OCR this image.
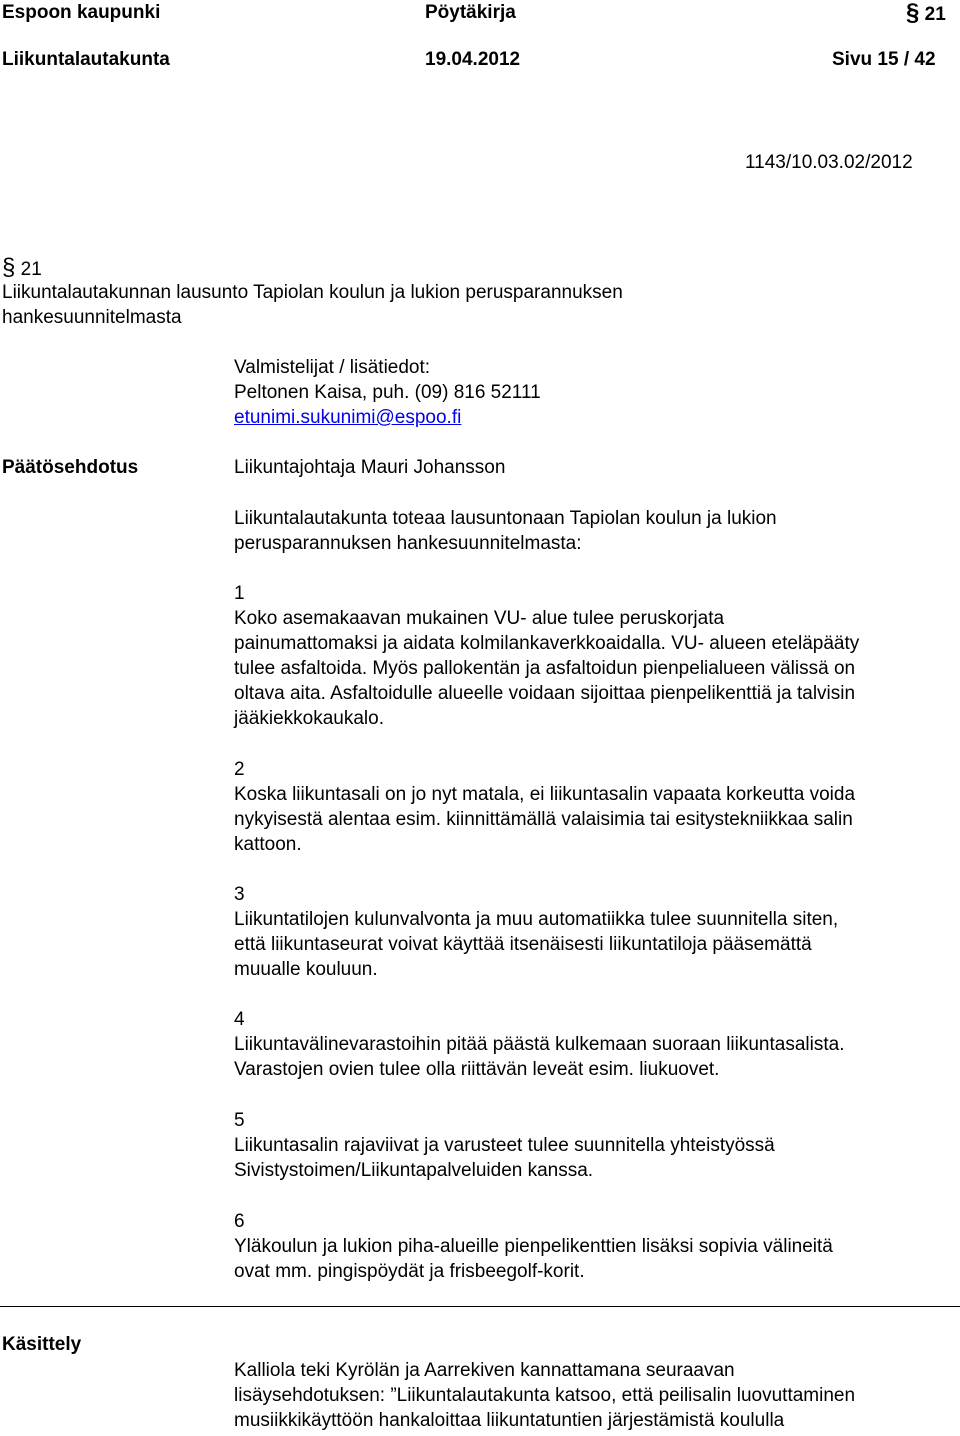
Espoon kaupunki	Pöytäkirja	§ 21
Liikuntalautakunta	19.04.2012	Sivu 15 / 42
1143/10.03.02/2012
§ 21
Liikuntalautakunnan lausunto Tapiolan koulun ja lukion perusparannuksen
hankesuunnitelmasta
Valmistelijat / lisätiedot:
Peltonen Kaisa, puh. (09) 816 52111
etunimi.sukunimi@espoo.fi
Päätösehdotus	Liikuntajohtaja Mauri Johansson
Liikuntalautakunta toteaa lausuntonaan Tapiolan koulun ja lukion
perusparannuksen hankesuunnitelmasta:
1
Koko asemakaavan mukainen VU- alue tulee peruskorjata
painumattomaksi ja aidata kolmilankaverkkoaidalla. VU- alueen eteläpääty
tulee asfaltoida. Myös pallokentän ja asfaltoidun pienpelialueen välissä on
oltava aita. Asfaltoidulle alueelle voidaan sijoittaa pienpelikenttiä ja talvisin
jääkiekkokaukalo.
2
Koska liikuntasali on jo nyt matala, ei liikuntasalin vapaata korkeutta voida
nykyisestä alentaa esim. kiinnittämällä valaisimia tai esitystekniikkaa salin
kattoon.
3
Liikuntatilojen kulunvalvonta ja muu automatiikka tulee suunnitella siten,
että liikuntaseurat voivat käyttää itsenäisesti liikuntatiloja pääsemättä
muualle kouluun.
4
Liikuntavälinevarastoihin pitää päästä kulkemaan suoraan liikuntasalista.
Varastojen ovien tulee olla riittävän leveät esim. liukuovet.
5
Liikuntasalin rajaviivat ja varusteet tulee suunnitella yhteistyössä
Sivistystoimen/Liikuntapalveluiden kanssa.
6
Yläkoulun ja lukion piha-alueille pienpelikenttien lisäksi sopivia välineitä
ovat mm. pingispöydät ja frisbeegolf-korit.
Käsittely
Kalliola teki Kyrölän ja Aarrekiven kannattamana seuraavan
lisäysehdotuksen: ”Liikuntalautakunta katsoo, että peilisalin luovuttaminen
musiikkikäyttöön hankaloittaa liikuntatuntien järjestämistä koululla
